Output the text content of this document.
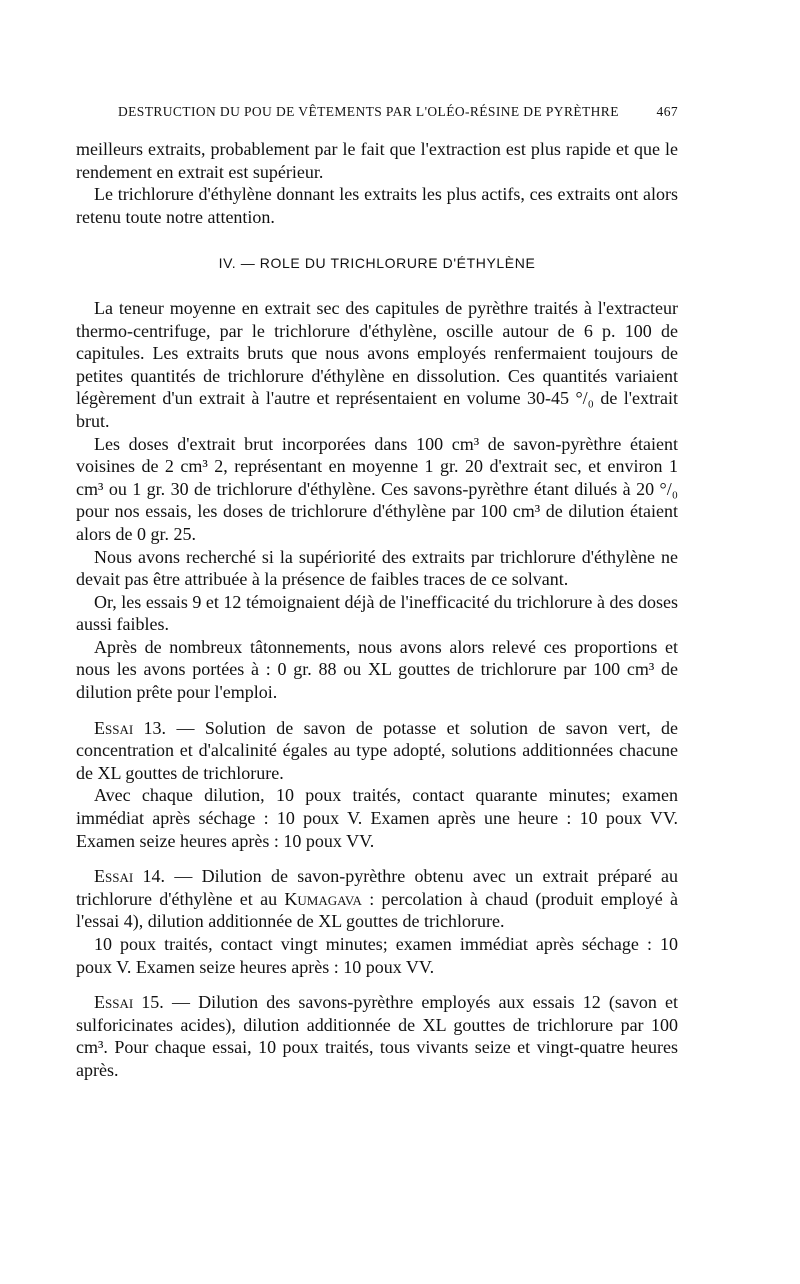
DESTRUCTION DU POU DE VÊTEMENTS PAR L'OLÉO-RÉSINE DE PYRÈTHRE	467

meilleurs extraits, probablement par le fait que l'extraction est plus rapide et que le rendement en extrait est supérieur.

Le trichlorure d'éthylène donnant les extraits les plus actifs, ces extraits ont alors retenu toute notre attention.

IV. — ROLE DU TRICHLORURE D'ÉTHYLÈNE

La teneur moyenne en extrait sec des capitules de pyrèthre traités à l'extracteur thermo-centrifuge, par le trichlorure d'éthylène, oscille autour de 6 p. 100 de capitules. Les extraits bruts que nous avons employés renfermaient toujours de petites quantités de trichlorure d'éthylène en dissolution. Ces quantités variaient légèrement d'un extrait à l'autre et représentaient en volume 30-45 °/₀ de l'extrait brut.

Les doses d'extrait brut incorporées dans 100 cm³ de savon-pyrèthre étaient voisines de 2 cm³ 2, représentant en moyenne 1 gr. 20 d'extrait sec, et environ 1 cm³ ou 1 gr. 30 de trichlorure d'éthylène. Ces savons-pyrèthre étant dilués à 20 °/₀ pour nos essais, les doses de trichlorure d'éthylène par 100 cm³ de dilution étaient alors de 0 gr. 25.

Nous avons recherché si la supériorité des extraits par trichlorure d'éthylène ne devait pas être attribuée à la présence de faibles traces de ce solvant.

Or, les essais 9 et 12 témoignaient déjà de l'inefficacité du trichlorure à des doses aussi faibles.

Après de nombreux tâtonnements, nous avons alors relevé ces proportions et nous les avons portées à : 0 gr. 88 ou XL gouttes de trichlorure par 100 cm³ de dilution prête pour l'emploi.

Essai 13. — Solution de savon de potasse et solution de savon vert, de concentration et d'alcalinité égales au type adopté, solutions additionnées chacune de XL gouttes de trichlorure.

Avec chaque dilution, 10 poux traités, contact quarante minutes; examen immédiat après séchage : 10 poux V. Examen après une heure : 10 poux VV. Examen seize heures après : 10 poux VV.

Essai 14. — Dilution de savon-pyrèthre obtenu avec un extrait préparé au trichlorure d'éthylène et au Kumagava : percolation à chaud (produit employé à l'essai 4), dilution additionnée de XL gouttes de trichlorure.

10 poux traités, contact vingt minutes; examen immédiat après séchage : 10 poux V. Examen seize heures après : 10 poux VV.

Essai 15. — Dilution des savons-pyrèthre employés aux essais 12 (savon et sulforicinates acides), dilution additionnée de XL gouttes de trichlorure par 100 cm³. Pour chaque essai, 10 poux traités, tous vivants seize et vingt-quatre heures après.
